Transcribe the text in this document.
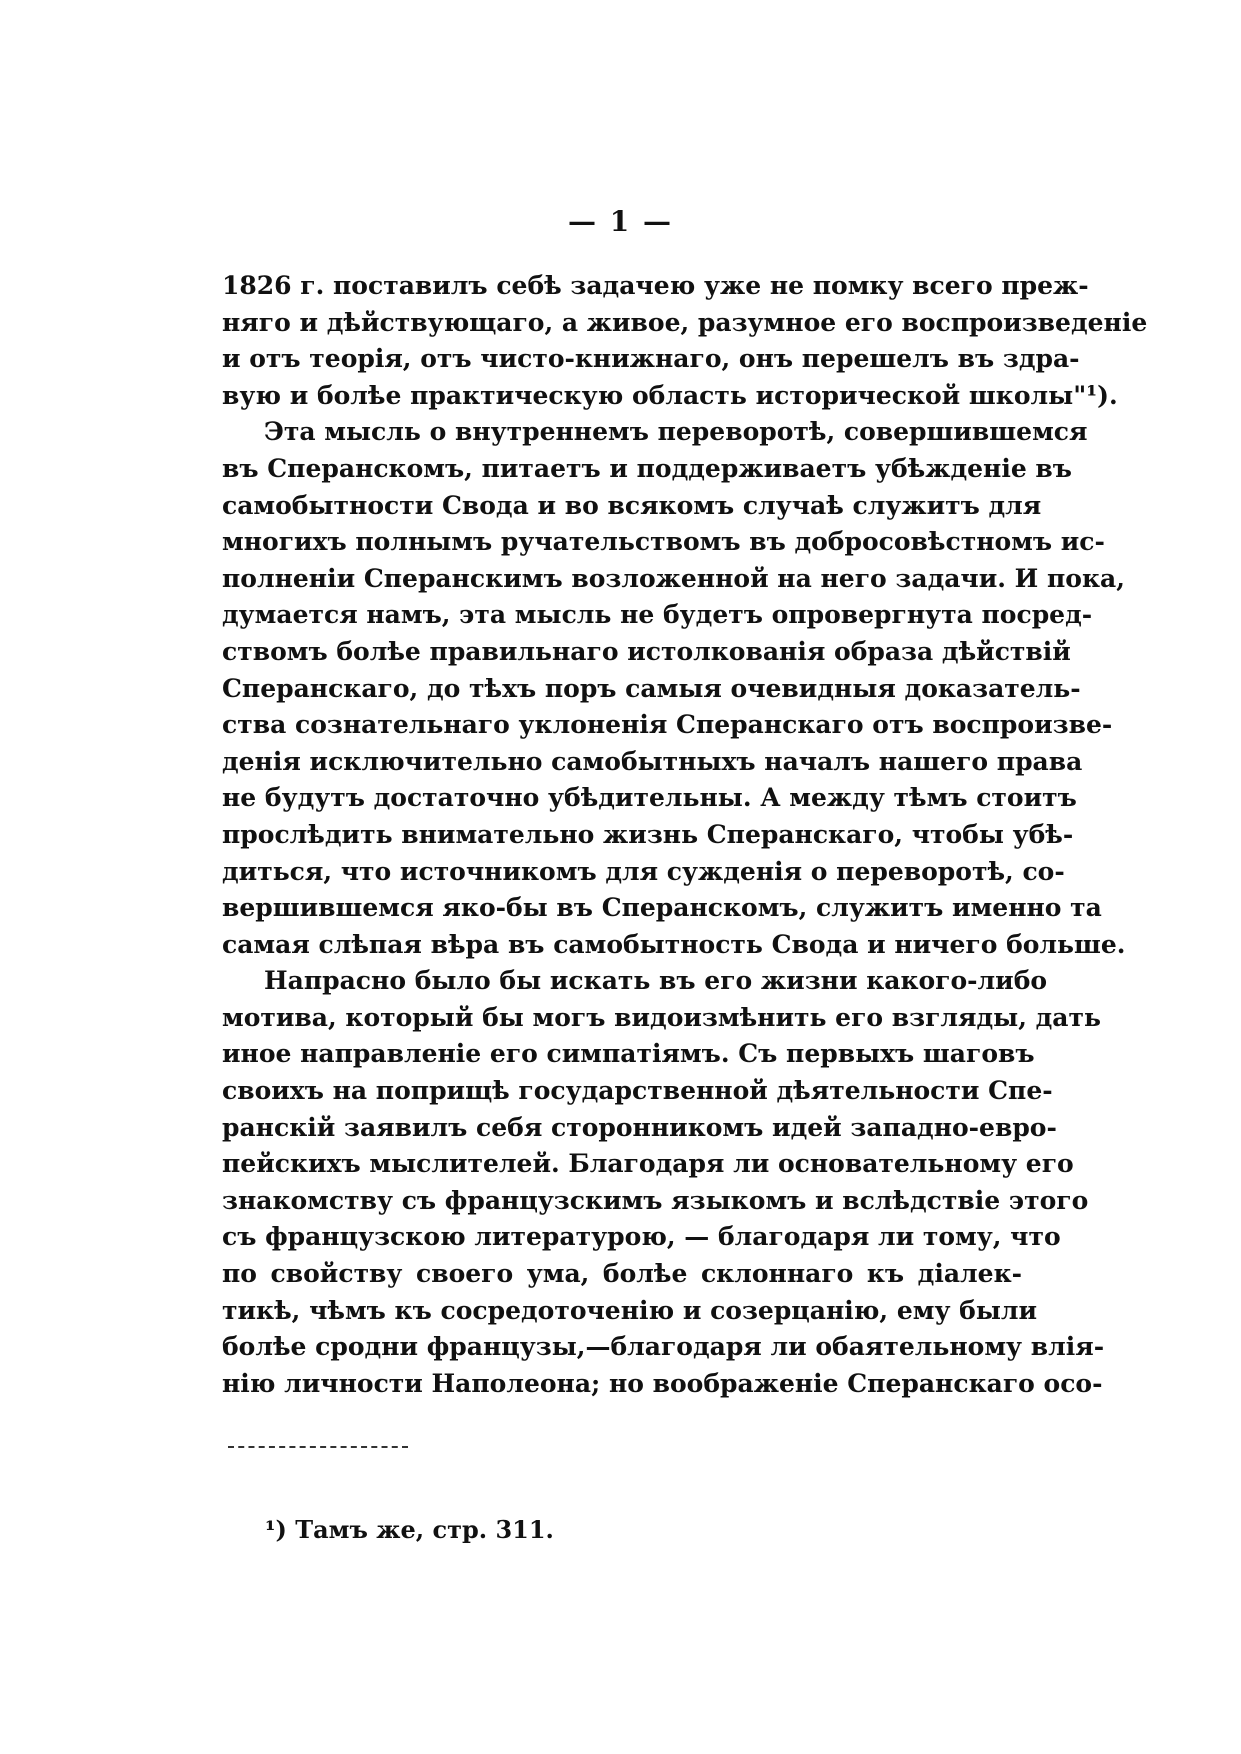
— 1 —
1826 г. поставилъ себѣ задачею уже не помку всего преж-
няго и дѣйствующаго, а живое, разумное его воспроизведеніе
и отъ теорія, отъ чисто-книжнаго, онъ перешелъ въ здра-
вую и болѣе практическую область исторической школы"¹).
Эта мысль о внутреннемъ переворотѣ, совершившемся
въ Сперанскомъ, питаетъ и поддерживаетъ убѣжденіе въ
самобытности Свода и во всякомъ случаѣ служитъ для
многихъ полнымъ ручательствомъ въ добросовѣстномъ ис-
полненіи Сперанскимъ возложенной на него задачи. И пока,
думается намъ, эта мысль не будетъ опровергнута посред-
ствомъ болѣе правильнаго истолкованія образа дѣйствій
Сперанскаго, до тѣхъ поръ самыя очевидныя доказатель-
ства сознательнаго уклоненія Сперанскаго отъ воспроизве-
денія исключительно самобытныхъ началъ нашего права
не будутъ достаточно убѣдительны. А между тѣмъ стоитъ
прослѣдить внимательно жизнь Сперанскаго, чтобы убѣ-
диться, что источникомъ для сужденія о переворотѣ, со-
вершившемся яко-бы въ Сперанскомъ, служитъ именно та
самая слѣпая вѣра въ самобытность Свода и ничего больше.
Напрасно было бы искать въ его жизни какого-либо
мотива, который бы могъ видоизмѣнить его взгляды, дать
иное направленіе его симпатіямъ. Съ первыхъ шаговъ
своихъ на поприщѣ государственной дѣятельности Спе-
ранскій заявилъ себя сторонникомъ идей западно-евро-
пейскихъ мыслителей. Благодаря ли основательному его
знакомству съ французскимъ языкомъ и вслѣдствіе этого
съ французскою литературою, — благодаря ли тому, что
по свойству своего ума, болѣе склоннаго къ діалек-
тикѣ, чѣмъ къ сосредоточенію и созерцанію, ему были
болѣе сродни французы,—благодаря ли обаятельному влія-
нію личности Наполеона; но воображеніе Сперанскаго осо-
¹) Тамъ же, стр. 311.
